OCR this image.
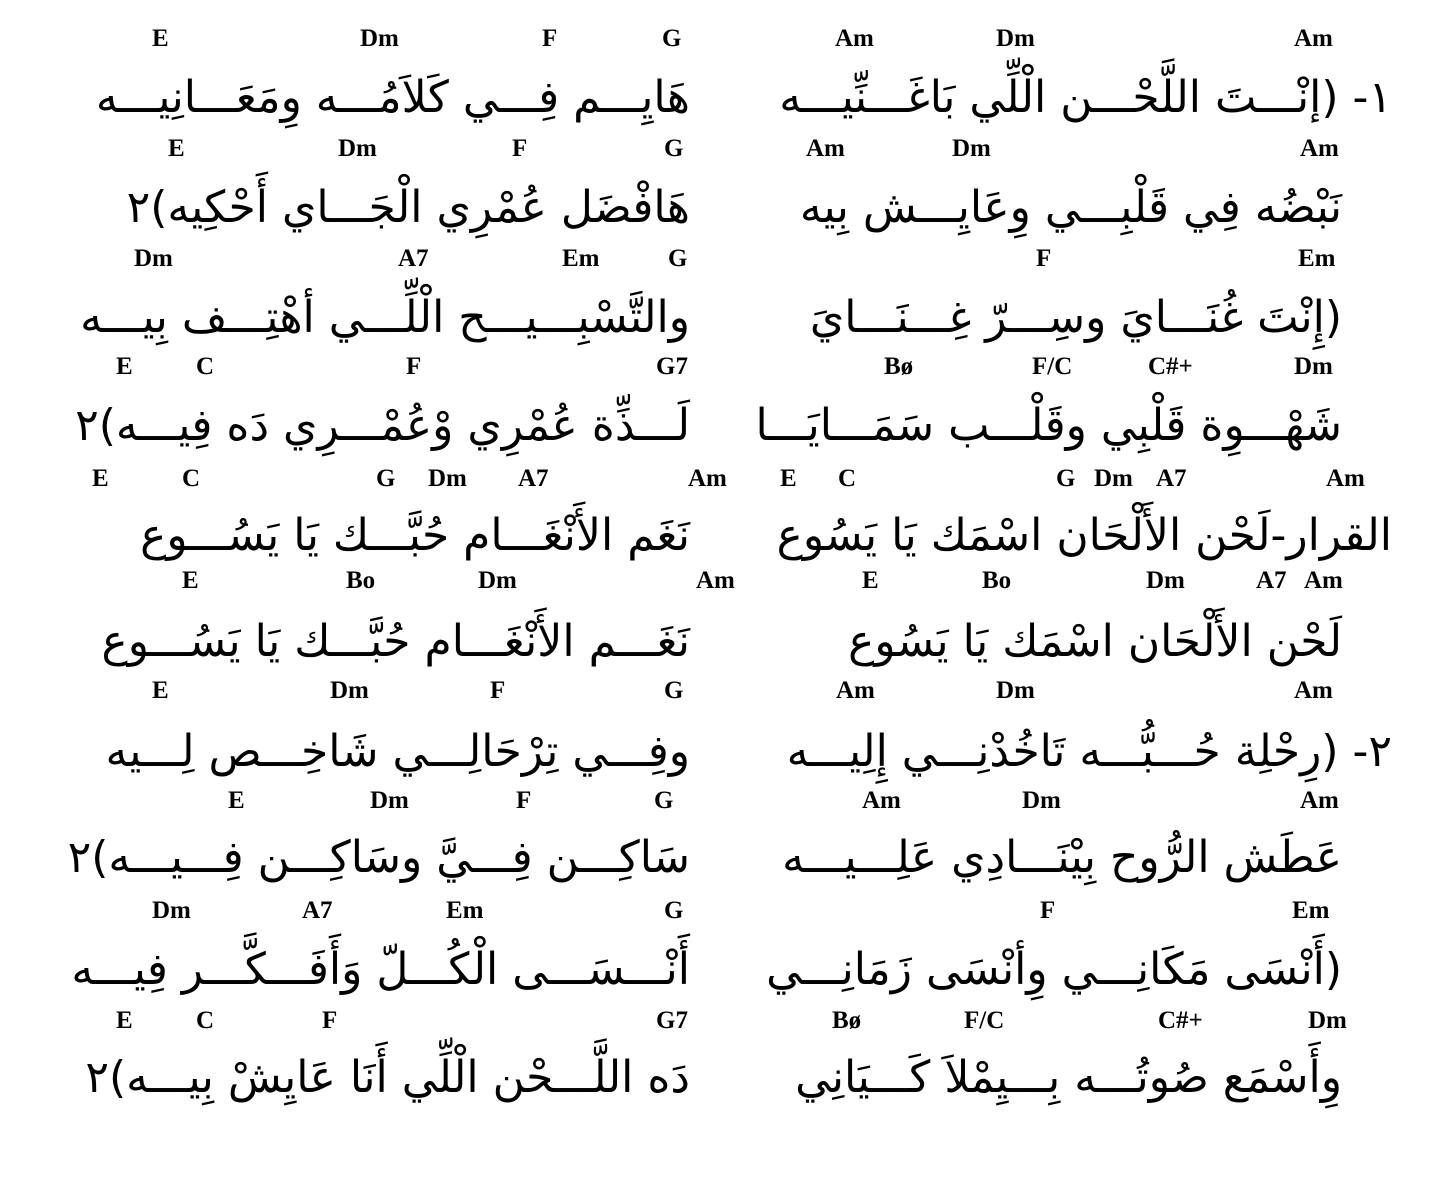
E	Dm	F	G	Am	Dm	Am
١- (إنْـــتَ اللَّحْـــن الْلِّي بَاغَـــنِّيـــه
هَايِـــم فِـــي كَلاَمُـــه وِمَعَـــانِيـــه
E	Dm	F	G	Am	Dm	Am
نَبْضُه فِي قَلْبِـــي وِعَايِـــش بِيه
هَافْضَل عُمْرِي الْجَـــاي أَحْكِيه)٢
Dm	A7	Em	G	F	Em
(إِنْتَ غُنَـــايَ وسِـــرّ غِـــنَـــايَ
والتَّسْبِـــيـــح الْلِّـــي أهْتِـــف بِيـــه
E	C	F	G7	Bø	F/C	C#+	Dm
شَهْـــوِة قَلْبِي وقَلْـــب سَمَـــايَـــا
لَـــذِّة عُمْرِي وْعُمْـــرِي دَه فِيـــه)٢
E	C	G Dm A7	Am E C	G Dm A7	Am
القرار-لَحْن الأَلْحَان اسْمَك يَا يَسُوع
نَغَم الأَنْغَـــام حُبَّـــك يَا يَسُـــوع
E	Bo	Dm	Am	E	Bo	Dm	A7 Am
لَحْن الأَلْحَان اسْمَك يَا يَسُوع
نَغَـــم الأَنْغَـــام حُبَّـــك يَا يَسُـــوع
E	Dm	F	G	Am	Dm	Am
٢- (رِحْلِة حُـــبُّـــه تَاخُدْنِـــي إِلِيـــه
وفِـــي تِرْحَالِـــي شَاخِـــص لِـــيه
E	Dm	F	G	Am	Dm	Am
عَطَش الرُّوح بِيْنَـــادِي عَلِـــيـــه
سَاكِـــن فِـــيَّ وسَاكِـــن فِـــيـــه)٢
Dm	A7	Em	G	F	Em
(أَنْسَى مَكَانِـــي وِأنْسَى زَمَانِـــي
أَنْـــسَـــى الْكُـــلّ وَأَفَـــكَّـــر فِيـــه
E	C	F	G7	Bø	F/C	C#+	Dm
وِأَسْمَع صُوتُـــه بِـــيِمْلاَ كَـــيَانِي
دَه اللَّـــحْن الْلِّي أَنَا عَايِشْ بِيـــه)٢
